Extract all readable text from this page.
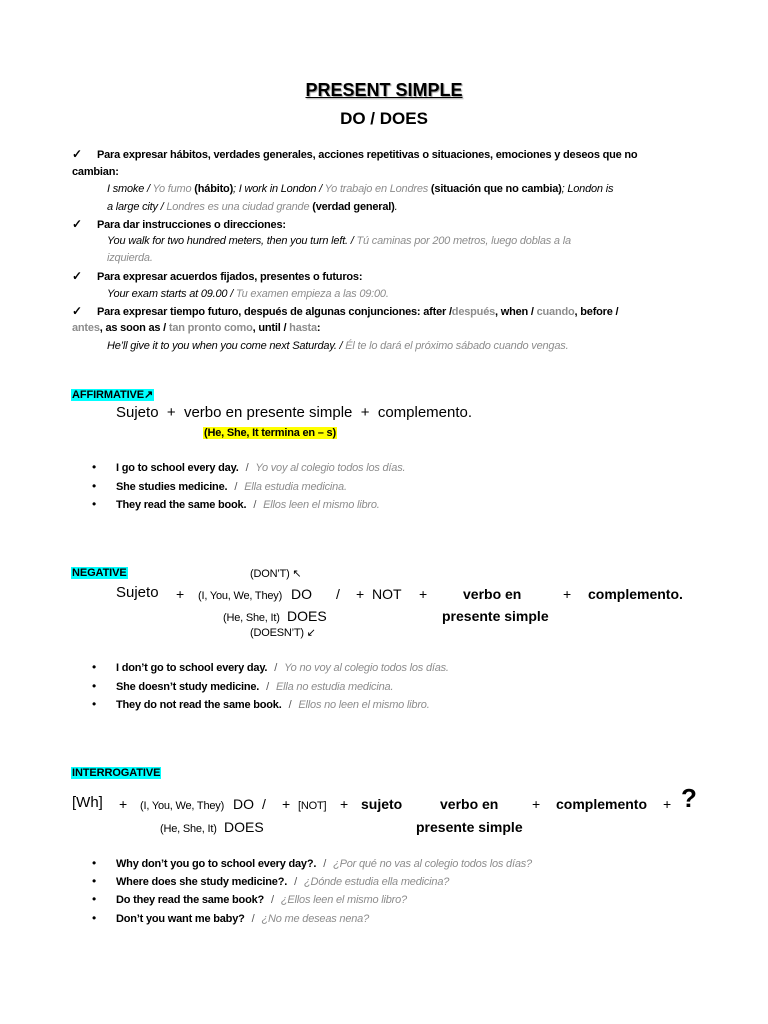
PRESENT SIMPLE
DO / DOES
✓Para expresar hábitos, verdades generales, acciones repetitivas o situaciones, emociones y deseos que no
cambian:
I smoke / Yo fumo (hábito); I work in London / Yo trabajo en Londres (situación que no cambia); London is
a large city / Londres es una ciudad grande (verdad general).
✓Para dar instrucciones o direcciones:
You walk for two hundred meters, then you turn left. / Tú caminas por 200 metros, luego doblas a la
izquierda.
✓Para expresar acuerdos fijados, presentes o futuros:
Your exam starts at 09.00 / Tu examen empieza a las 09:00.
✓Para expresar tiempo futuro, después de algunas conjunciones: after /después, when / cuando, before /
antes, as soon as / tan pronto como, until / hasta:
He’ll give it to you when you come next Saturday. / Él te lo dará el próximo sábado cuando vengas.
AFFIRMATIVE↗
Sujeto  +  verbo en presente simple  +  complemento.
(He, She, It termina en – s)
•I go to school every day. / Yo voy al colegio todos los días.
•She studies medicine. / Ella estudia medicina.
•They read the same book. / Ellos leen el mismo libro.
NEGATIVE	(DON’T) ↖
Sujeto + (I, You, We, They) DO / + NOT +	verbo en	+ complemento.
(He, She, It) DOES	presente simple
(DOESN’T) ↙
•I don’t go to school every day. / Yo no voy al colegio todos los días.
•She doesn’t study medicine. / Ella no estudia medicina.
•They do not read the same book. / Ellos no leen el mismo libro.
INTERROGATIVE
[Wh] + (I, You, We, They) DO / + [NOT] + sujeto	verbo en + complemento + ?
(He, She, It) DOES	presente simple
•Why don’t you go to school every day?. / ¿Por qué no vas al colegio todos los días?
•Where does she study medicine?. / ¿Dónde estudia ella medicina?
•Do they read the same book? / ¿Ellos leen el mismo libro?
•Don’t you want me baby? / ¿No me deseas nena?
